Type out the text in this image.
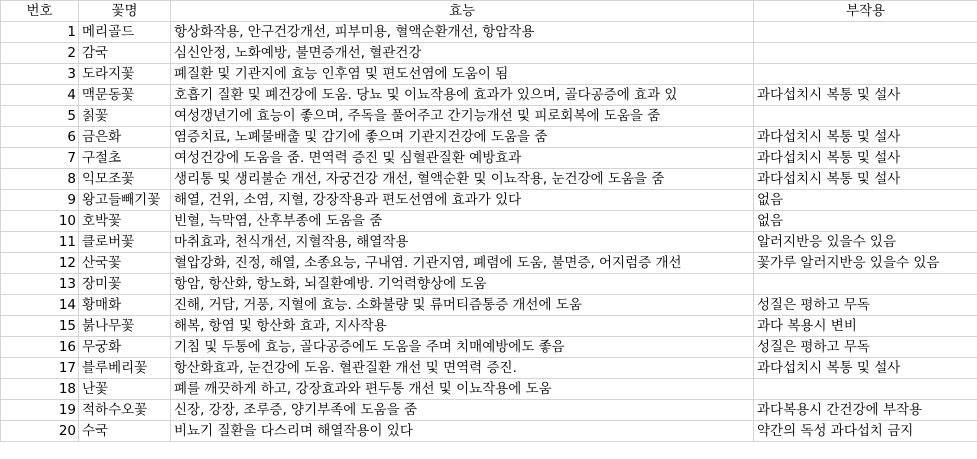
번호	꽃명	효능	부작용
1	메리골드	항상화작용, 안구건강개선, 피부미용, 혈액순환개선, 항암작용	
2	감국	심신안정, 노화예방, 불면증개선, 혈관건강	
3	도라지꽃	폐질환 및 기관지에 효능 인후염 및 편도선염에 도움이 됨	
4	맥문동꽃	호흡기 질환 및 폐건강에 도움. 당뇨 및 이뇨작용에 효과가 있으며, 골다공증에 효과 있	과다섭치시 복통 및 설사
5	칡꽃	여성갱년기에 효능이 좋으며, 주독을 풀어주고 간기능개선 및 피로회복에 도움을 줌	
6	금은화	염증치료, 노폐물배출 및 감기에 좋으며 기관지건강에 도움을 줌	과다섭치시 복통 및 설사
7	구절초	여성건강에 도움을 줌. 면역력 증진 및 심혈관질환 예방효과	과다섭치시 복통 및 설사
8	익모조꽃	생리통 및 생리불순 개선, 자궁건강 개선, 혈액순환 및 이뇨작용, 눈건강에 도움을 줌	과다섭치시 복통 및 설사
9	왕고들빼기꽃	해열, 건위, 소염, 지혈, 강장작용과 편도선염에 효과가 있다	없음
10	호박꽃	빈혈, 늑막염, 산후부종에 도움을 줌	없음
11	클로버꽃	마취효과, 천식개선, 지혈작용, 해열작용	알러지반응 있을수 있음
12	산국꽃	혈압강화, 진정, 해열, 소종요능, 구내염. 기관지염, 폐렴에 도움, 불면증, 어지럼증 개선	꽃가루 알러지반응 있을수 있음
13	장미꽃	항암, 항산화, 항노화, 뇌질환예방. 기억력향상에 도움	
14	황매화	진해, 거담, 거풍, 지혈에 효능. 소화불량 및 류머티즘통증 개선에 도움	성질은 평하고 무독
15	붉나무꽃	해복, 항염 및 항산화 효과, 지사작용	과다 복용시 변비
16	무궁화	기침 및 두통에 효능, 골다공증에도 도움을 주며 치매예방에도 좋음	성질은 평하고 무독
17	블루베리꽃	항산화효과, 눈건강에 도움. 혈관질환 개선 및 면역력 증진.	과다섭치시 복통 및 설사
18	난꽃	폐를 깨끗하게 하고, 강장효과와 편두통 개선 및 이뇨작용에 도움	
19	적하수오꽃	신장, 강장, 조루증, 양기부족에 도움을 줌	과다복용시 간건강에 부작용
20	수국	비뇨기 질환을 다스리며 해열작용이 있다	약간의 독성 과다섭치 금지
